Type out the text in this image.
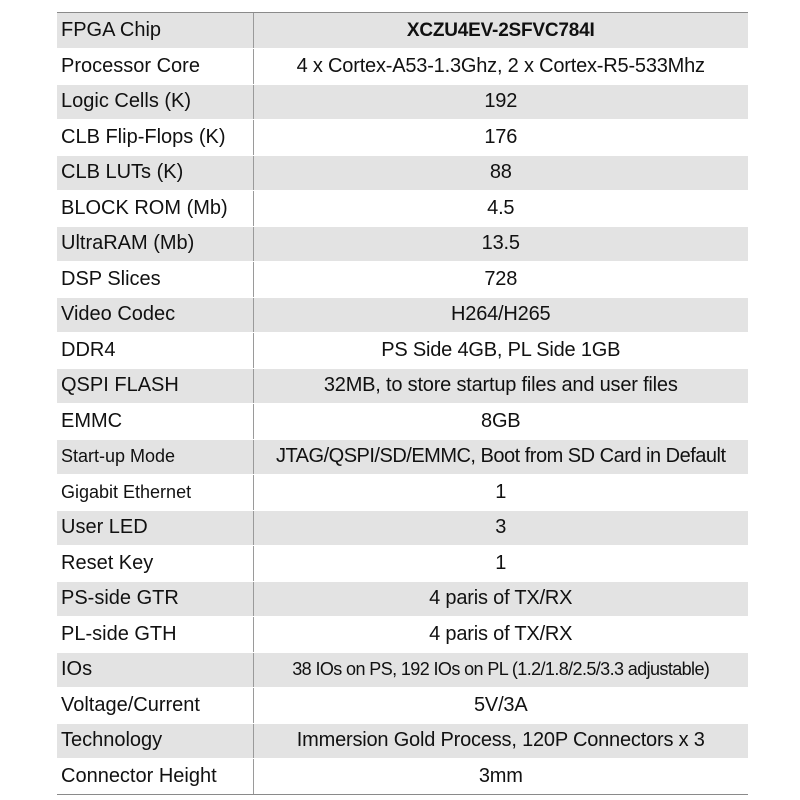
FPGA Chip	XCZU4EV-2SFVC784I
Processor Core	4 x Cortex-A53-1.3Ghz, 2 x Cortex-R5-533Mhz
Logic Cells (K)	192
CLB Flip-Flops (K)	176
CLB LUTs (K)	88
BLOCK ROM (Mb)	4.5
UltraRAM (Mb)	13.5
DSP Slices	728
Video Codec	H264/H265
DDR4	PS Side 4GB, PL Side 1GB
QSPI FLASH	32MB, to store startup files and user files
EMMC	8GB
Start-up Mode	JTAG/QSPI/SD/EMMC, Boot from SD Card in Default
Gigabit Ethernet	1
User LED	3
Reset Key	1
PS-side GTR	4 paris of TX/RX
PL-side GTH	4 paris of TX/RX
IOs	38 IOs on PS, 192 IOs on PL (1.2/1.8/2.5/3.3 adjustable)
Voltage/Current	5V/3A
Technology	Immersion Gold Process, 120P Connectors x 3
Connector Height	3mm
